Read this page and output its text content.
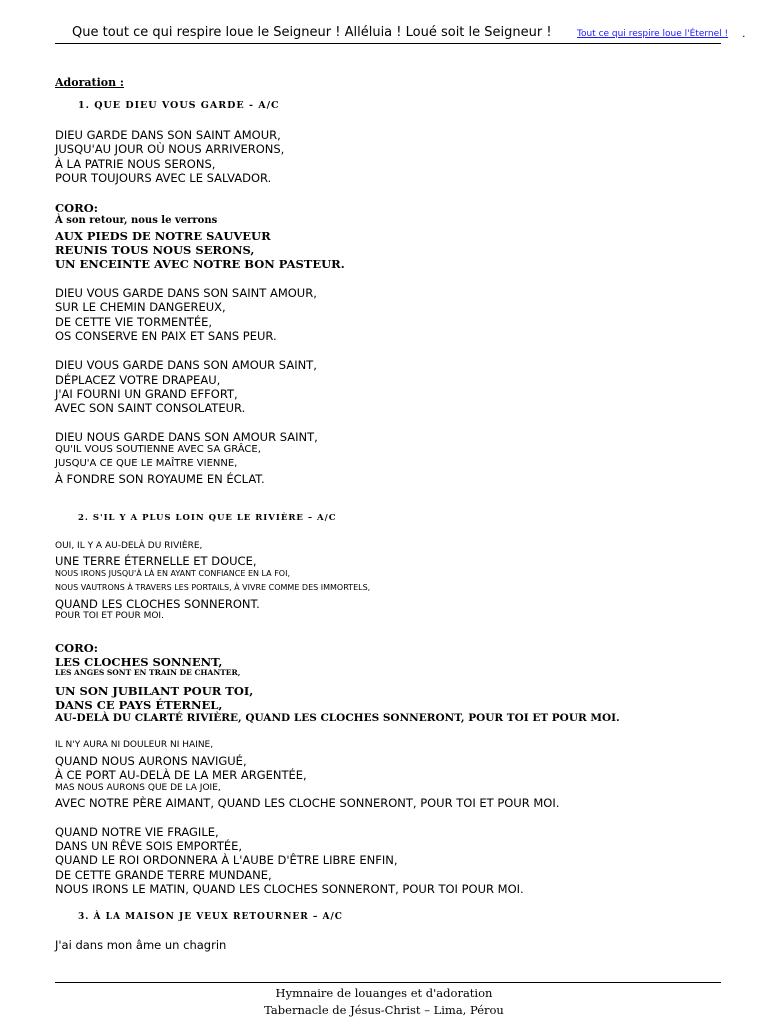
Que tout ce qui respire loue le Seigneur ! Alléluia ! Loué soit le Seigneur !	Tout ce qui respire loue l'Éternel ! .
Adoration :
1. QUE DIEU VOUS GARDE - A/C
DIEU GARDE DANS SON SAINT AMOUR,
JUSQU'AU JOUR OÙ NOUS ARRIVERONS,
À LA PATRIE NOUS SERONS,
POUR TOUJOURS AVEC LE SALVADOR.
CORO:
À son retour, nous le verrons
AUX PIEDS DE NOTRE SAUVEUR
REUNIS TOUS NOUS SERONS,
UN ENCEINTE AVEC NOTRE BON PASTEUR.
DIEU VOUS GARDE DANS SON SAINT AMOUR,
SUR LE CHEMIN DANGEREUX,
DE CETTE VIE TORMENTÉE,
OS CONSERVE EN PAIX ET SANS PEUR.
DIEU VOUS GARDE DANS SON AMOUR SAINT,
DÉPLACEZ VOTRE DRAPEAU,
J'AI FOURNI UN GRAND EFFORT,
AVEC SON SAINT CONSOLATEUR.
DIEU NOUS GARDE DANS SON AMOUR SAINT,
QU'IL VOUS SOUTIENNE AVEC SA GRÂCE,
JUSQU'A CE QUE LE MAÎTRE VIENNE,
À FONDRE SON ROYAUME EN ÉCLAT.
2. S'IL Y A PLUS LOIN QUE LE RIVIÈRE – A/C
OUI, IL Y A AU-DELÀ DU RIVIÈRE,
UNE TERRE ÉTERNELLE ET DOUCE,
NOUS IRONS JUSQU'À LÀ EN AYANT CONFIANCE EN LA FOI,
NOUS VAUTRONS À TRAVERS LES PORTAILS, À VIVRE COMME DES IMMORTELS,
QUAND LES CLOCHES SONNERONT.
POUR TOI ET POUR MOI.
CORO:
LES CLOCHES SONNENT,
LES ANGES SONT EN TRAIN DE CHANTER,
UN SON JUBILANT POUR TOI,
DANS CE PAYS ÉTERNEL,
AU-DELÀ DU CLARTÉ RIVIÈRE, QUAND LES CLOCHES SONNERONT, POUR TOI ET POUR MOI.
IL N'Y AURA NI DOULEUR NI HAINE,
QUAND NOUS AURONS NAVIGUÉ,
À CE PORT AU-DELÀ DE LA MER ARGENTÉE,
MAS NOUS AURONS QUE DE LA JOIE,
AVEC NOTRE PÈRE AIMANT, QUAND LES CLOCHE SONNERONT, POUR TOI ET POUR MOI.
QUAND NOTRE VIE FRAGILE,
DANS UN RÊVE SOIS EMPORTÉE,
QUAND LE ROI ORDONNERA À L'AUBE D'ÊTRE LIBRE ENFIN,
DE CETTE GRANDE TERRE MUNDANE,
NOUS IRONS LE MATIN, QUAND LES CLOCHES SONNERONT, POUR TOI POUR MOI.
3. À LA MAISON JE VEUX RETOURNER – A/C
J'ai dans mon âme un chagrin
Hymnaire de louanges et d'adoration
Tabernacle de Jésus-Christ – Lima, Pérou
